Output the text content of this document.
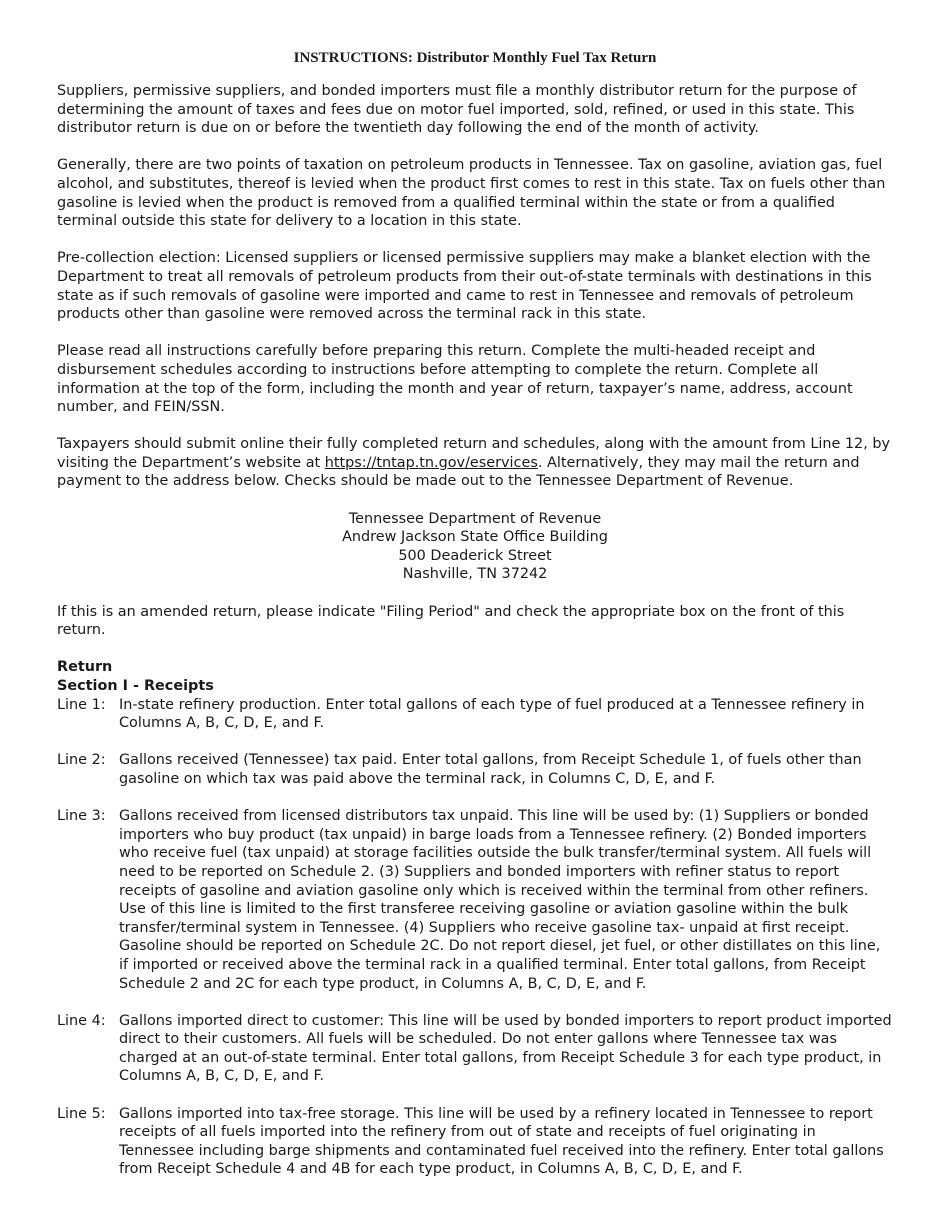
INSTRUCTIONS: Distributor Monthly Fuel Tax Return

Suppliers, permissive suppliers, and bonded importers must file a monthly distributor return for the purpose of determining the amount of taxes and fees due on motor fuel imported, sold, refined, or used in this state. This distributor return is due on or before the twentieth day following the end of the month of activity.

Generally, there are two points of taxation on petroleum products in Tennessee. Tax on gasoline, aviation gas, fuel alcohol, and substitutes, thereof is levied when the product first comes to rest in this state. Tax on fuels other than gasoline is levied when the product is removed from a qualified terminal within the state or from a qualified terminal outside this state for delivery to a location in this state.

Pre-collection election: Licensed suppliers or licensed permissive suppliers may make a blanket election with the Department to treat all removals of petroleum products from their out-of-state terminals with destinations in this state as if such removals of gasoline were imported and came to rest in Tennessee and removals of petroleum products other than gasoline were removed across the terminal rack in this state.

Please read all instructions carefully before preparing this return. Complete the multi-headed receipt and disbursement schedules according to instructions before attempting to complete the return. Complete all information at the top of the form, including the month and year of return, taxpayer’s name, address, account number, and FEIN/SSN.

Taxpayers should submit online their fully completed return and schedules, along with the amount from Line 12, by visiting the Department’s website at https://tntap.tn.gov/eservices. Alternatively, they may mail the return and payment to the address below. Checks should be made out to the Tennessee Department of Revenue.

Tennessee Department of Revenue
Andrew Jackson State Office Building
500 Deaderick Street
Nashville, TN 37242

If this is an amended return, please indicate "Filing Period" and check the appropriate box on the front of this return.

Return
Section I - Receipts
Line 1: In-state refinery production. Enter total gallons of each type of fuel produced at a Tennessee refinery in Columns A, B, C, D, E, and F.
Line 2: Gallons received (Tennessee) tax paid. Enter total gallons, from Receipt Schedule 1, of fuels other than gasoline on which tax was paid above the terminal rack, in Columns C, D, E, and F.
Line 3: Gallons received from licensed distributors tax unpaid. This line will be used by: (1) Suppliers or bonded importers who buy product (tax unpaid) in barge loads from a Tennessee refinery. (2) Bonded importers who receive fuel (tax unpaid) at storage facilities outside the bulk transfer/terminal system. All fuels will need to be reported on Schedule 2. (3) Suppliers and bonded importers with refiner status to report receipts of gasoline and aviation gasoline only which is received within the terminal from other refiners. Use of this line is limited to the first transferee receiving gasoline or aviation gasoline within the bulk transfer/terminal system in Tennessee. (4) Suppliers who receive gasoline tax- unpaid at first receipt. Gasoline should be reported on Schedule 2C. Do not report diesel, jet fuel, or other distillates on this line, if imported or received above the terminal rack in a qualified terminal. Enter total gallons, from Receipt Schedule 2 and 2C for each type product, in Columns A, B, C, D, E, and F.
Line 4: Gallons imported direct to customer: This line will be used by bonded importers to report product imported direct to their customers. All fuels will be scheduled. Do not enter gallons where Tennessee tax was charged at an out-of-state terminal. Enter total gallons, from Receipt Schedule 3 for each type product, in Columns A, B, C, D, E, and F.
Line 5: Gallons imported into tax-free storage. This line will be used by a refinery located in Tennessee to report receipts of all fuels imported into the refinery from out of state and receipts of fuel originating in Tennessee including barge shipments and contaminated fuel received into the refinery. Enter total gallons from Receipt Schedule 4 and 4B for each type product, in Columns A, B, C, D, E, and F.
